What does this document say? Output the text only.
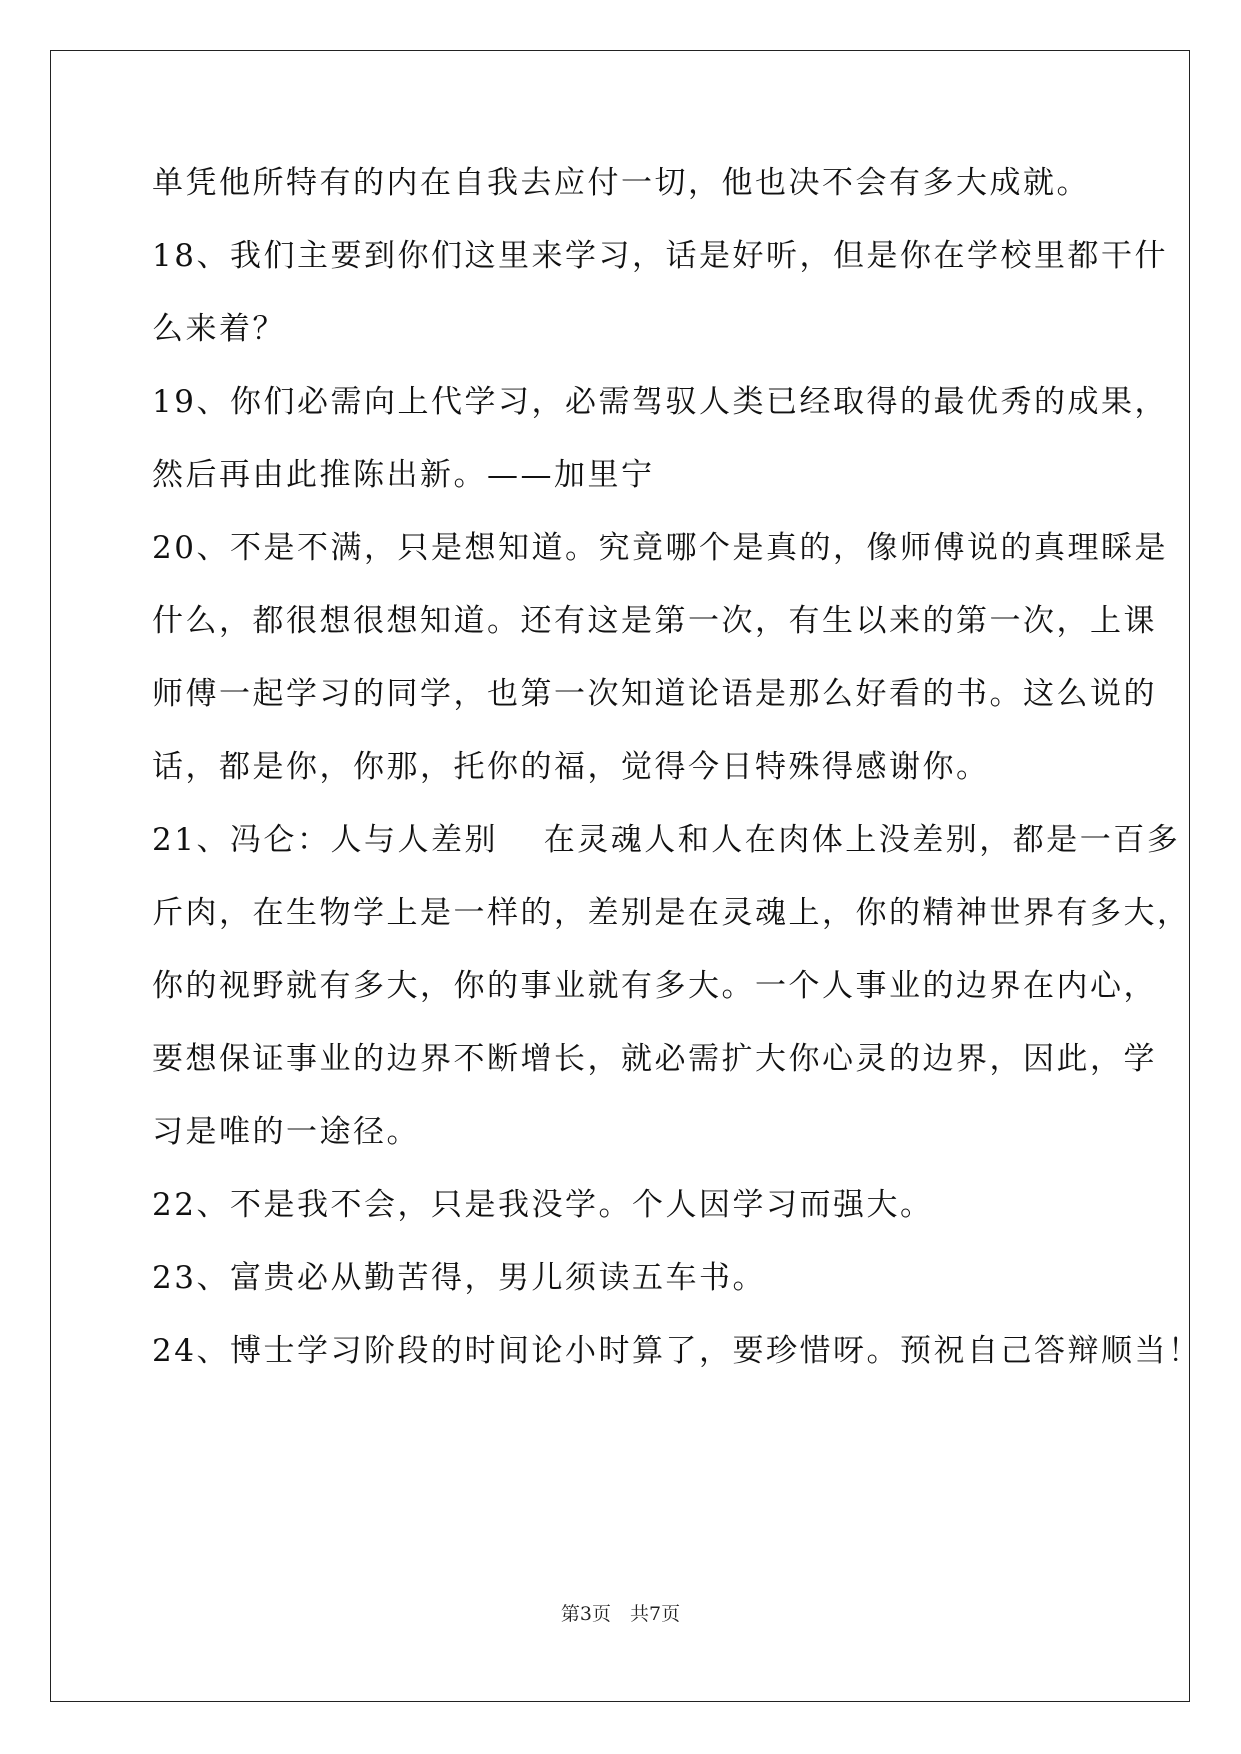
单凭他所特有的内在自我去应付一切，他也决不会有多大成就。
18、我们主要到你们这里来学习，话是好听，但是你在学校里都干什
么来着？
19、你们必需向上代学习，必需驾驭人类已经取得的最优秀的成果，
然后再由此推陈出新。——加里宁
20、不是不满，只是想知道。究竟哪个是真的，像师傅说的真理睬是
什么，都很想很想知道。还有这是第一次，有生以来的第一次，上课
师傅一起学习的同学，也第一次知道论语是那么好看的书。这么说的
话，都是你，你那，托你的福，觉得今日特殊得感谢你。
21、冯仑：人与人差别　 在灵魂人和人在肉体上没差别，都是一百多
斤肉，在生物学上是一样的，差别是在灵魂上，你的精神世界有多大，
你的视野就有多大，你的事业就有多大。一个人事业的边界在内心，
要想保证事业的边界不断增长，就必需扩大你心灵的边界，因此，学
习是唯的一途径。
22、不是我不会，只是我没学。个人因学习而强大。
23、富贵必从勤苦得，男儿须读五车书。
24、博士学习阶段的时间论小时算了，要珍惜呀。预祝自己答辩顺当！
第3页　共7页
